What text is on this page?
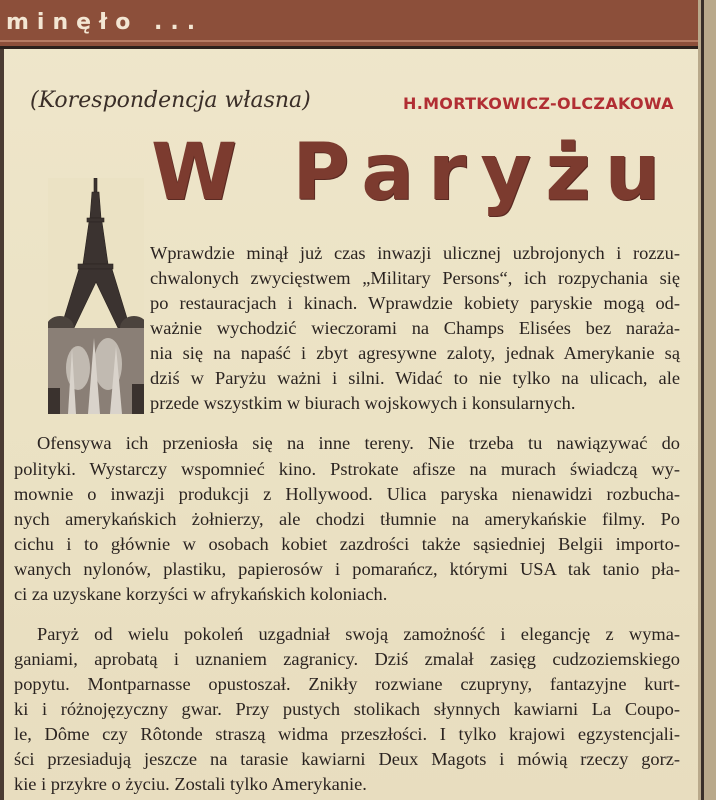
minęło ...
(Korespondencja własna)	H.MORTKOWICZ-OLCZAKOWA
W Paryżu
Wprawdzie minął już czas inwazji ulicznej uzbrojonych i rozzu-
chwalonych zwycięstwem „Military Persons“, ich rozpychania się
po restauracjach i kinach. Wprawdzie kobiety paryskie mogą od-
ważnie wychodzić wieczorami na Champs Elisées bez naraża-
nia się na napaść i zbyt agresywne zaloty, jednak Amerykanie są
dziś w Paryżu ważni i silni. Widać to nie tylko na ulicach, ale
przede wszystkim w biurach wojskowych i konsularnych.
Ofensywa ich przeniosła się na inne tereny. Nie trzeba tu nawiązywać do
polityki. Wystarczy wspomnieć kino. Pstrokate afisze na murach świadczą wy-
mownie o inwazji produkcji z Hollywood. Ulica paryska nienawidzi rozbucha-
nych amerykańskich żołnierzy, ale chodzi tłumnie na amerykańskie filmy. Po
cichu i to głównie w osobach kobiet zazdrości także sąsiedniej Belgii importo-
wanych nylonów, plastiku, papierosów i pomarańcz, którymi USA tak tanio pła-
ci za uzyskane korzyści w afrykańskich koloniach.
Paryż od wielu pokoleń uzgadniał swoją zamożność i elegancję z wyma-
ganiami, aprobatą i uznaniem zagranicy. Dziś zmalał zasięg cudzoziemskiego
popytu. Montparnasse opustoszał. Znikły rozwiane czupryny, fantazyjne kurt-
ki i różnojęzyczny gwar. Przy pustych stolikach słynnych kawiarni La Coupo-
le, Dôme czy Rôtonde straszą widma przeszłości. I tylko krajowi egzystencjali-
ści przesiadują jeszcze na tarasie kawiarni Deux Magots i mówią rzeczy gorz-
kie i przykre o życiu. Zostali tylko Amerykanie.
